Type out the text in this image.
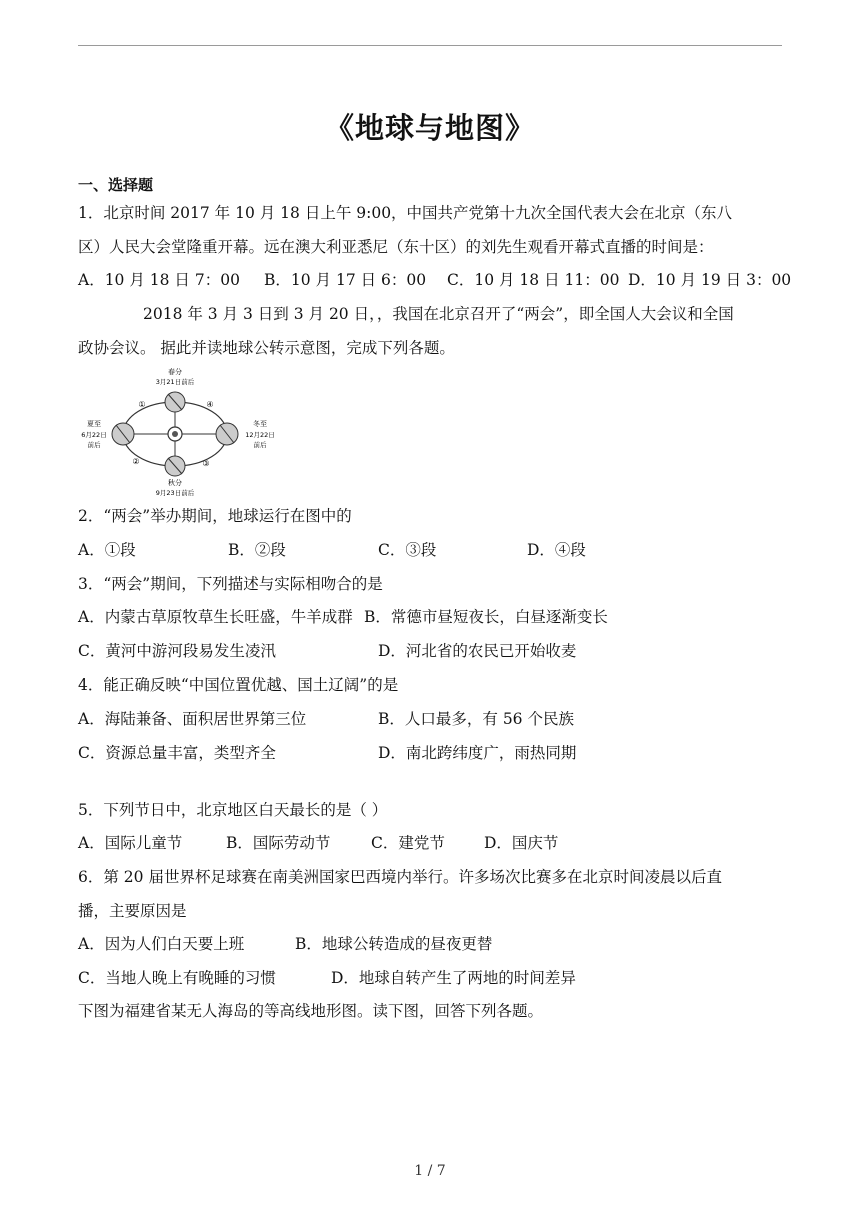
《地球与地图》
一、选择题
1．北京时间 2017 年 10 月 18 日上午 9:00，中国共产党第十九次全国代表大会在北京（东八
区）人民大会堂隆重开幕。远在澳大利亚悉尼（东十区）的刘先生观看开幕式直播的时间是：
A．10 月 18 日 7：00 B．10 月 17 日 6：00 C．10 月 18 日 11：00 D．10 月 19 日 3：00
2018 年 3 月 3 日到 3 月 20 日，，我国在北京召开了“两会”，即全国人大会议和全国
政协会议。 据此并读地球公转示意图，完成下列各题。
春分
3月21日前后
夏至
6月22日
前后
冬至
12月22日
前后
秋分
9月23日前后
①
②	③
④
2．“两会”举办期间，地球运行在图中的
A．①段	B．②段	C．③段	D．④段
3．“两会”期间，下列描述与实际相吻合的是
A．内蒙古草原牧草生长旺盛，牛羊成群 B．常德市昼短夜长，白昼逐渐变长
C．黄河中游河段易发生凌汛	D．河北省的农民已开始收麦
4．能正确反映“中国位置优越、国土辽阔”的是
A．海陆兼备、面积居世界第三位	B．人口最多，有 56 个民族
C．资源总量丰富，类型齐全	D．南北跨纬度广，雨热同期
5．下列节日中，北京地区白天最长的是（ ）
A．国际儿童节	B．国际劳动节	C．建党节	D．国庆节
6．第 20 届世界杯足球赛在南美洲国家巴西境内举行。许多场次比赛多在北京时间凌晨以后直
播，主要原因是
A．因为人们白天要上班	B．地球公转造成的昼夜更替
C．当地人晚上有晚睡的习惯	D．地球自转产生了两地的时间差异
下图为福建省某无人海岛的等高线地形图。读下图，回答下列各题。
1 / 7
